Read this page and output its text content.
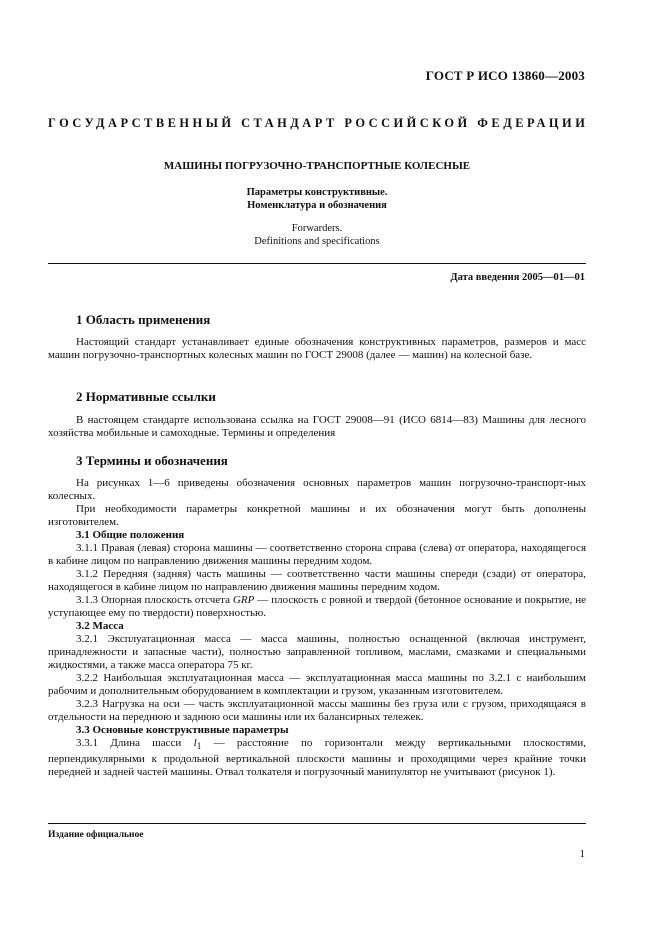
ГОСТ Р ИСО 13860—2003
ГОСУДАРСТВЕННЫЙ СТАНДАРТ РОССИЙСКОЙ ФЕДЕРАЦИИ
МАШИНЫ ПОГРУЗОЧНО-ТРАНСПОРТНЫЕ КОЛЕСНЫЕ
Параметры конструктивные.
Номенклатура и обозначения
Forwarders.
Definitions and specifications
Дата введения 2005—01—01
1 Область применения

Настоящий стандарт устанавливает единые обозначения конструктивных параметров, размеров и масс машин погрузочно-транспортных колесных машин по ГОСТ 29008 (далее — машин) на колесной базе.

2 Нормативные ссылки

В настоящем стандарте использована ссылка на ГОСТ 29008—91 (ИСО 6814—83) Машины для лесного хозяйства мобильные и самоходные. Термины и определения

3 Термины и обозначения

На рисунках 1—6 приведены обозначения основных параметров машин погрузочно-транспорт-ных колесных.

При необходимости параметры конкретной машины и их обозначения могут быть дополнены изготовителем.

3.1 Общие положения

3.1.1 Правая (левая) сторона машины — соответственно сторона справа (слева) от оператора, находящегося в кабине лицом по направлению движения машины передним ходом.

3.1.2 Передняя (задняя) часть машины — соответственно части машины спереди (сзади) от оператора, находящегося в кабине лицом по направлению движения машины передним ходом.

3.1.3 Опорная плоскость отсчета GRP — плоскость с ровной и твердой (бетонное основание и покрытие, не уступающее ему по твердости) поверхностью.

3.2 Масса

3.2.1 Эксплуатационная масса — масса машины, полностью оснащенной (включая инструмент, принадлежности и запасные части), полностью заправленной топливом, маслами, смазками и специальными жидкостями, а также масса оператора 75 кг.

3.2.2 Наибольшая эксплуатационная масса — эксплуатационная масса машины по 3.2.1 с наибольшим рабочим и дополнительным оборудованием в комплектации и грузом, указанным изготовителем.

3.2.3 Нагрузка на оси — часть эксплуатационной массы машины без груза или с грузом, приходящаяся в отдельности на переднюю и заднюю оси машины или их балансирных тележек.

3.3 Основные конструктивные параметры

3.3.1 Длина шасси $l_1$ — расстояние по горизонтали между вертикальными плоскостями, перпендикулярными к продольной вертикальной плоскости машины и проходящими через крайние точки передней и задней частей машины. Отвал толкателя и погрузочный манипулятор не учитывают (рисунок 1).

Издание официальное
1
